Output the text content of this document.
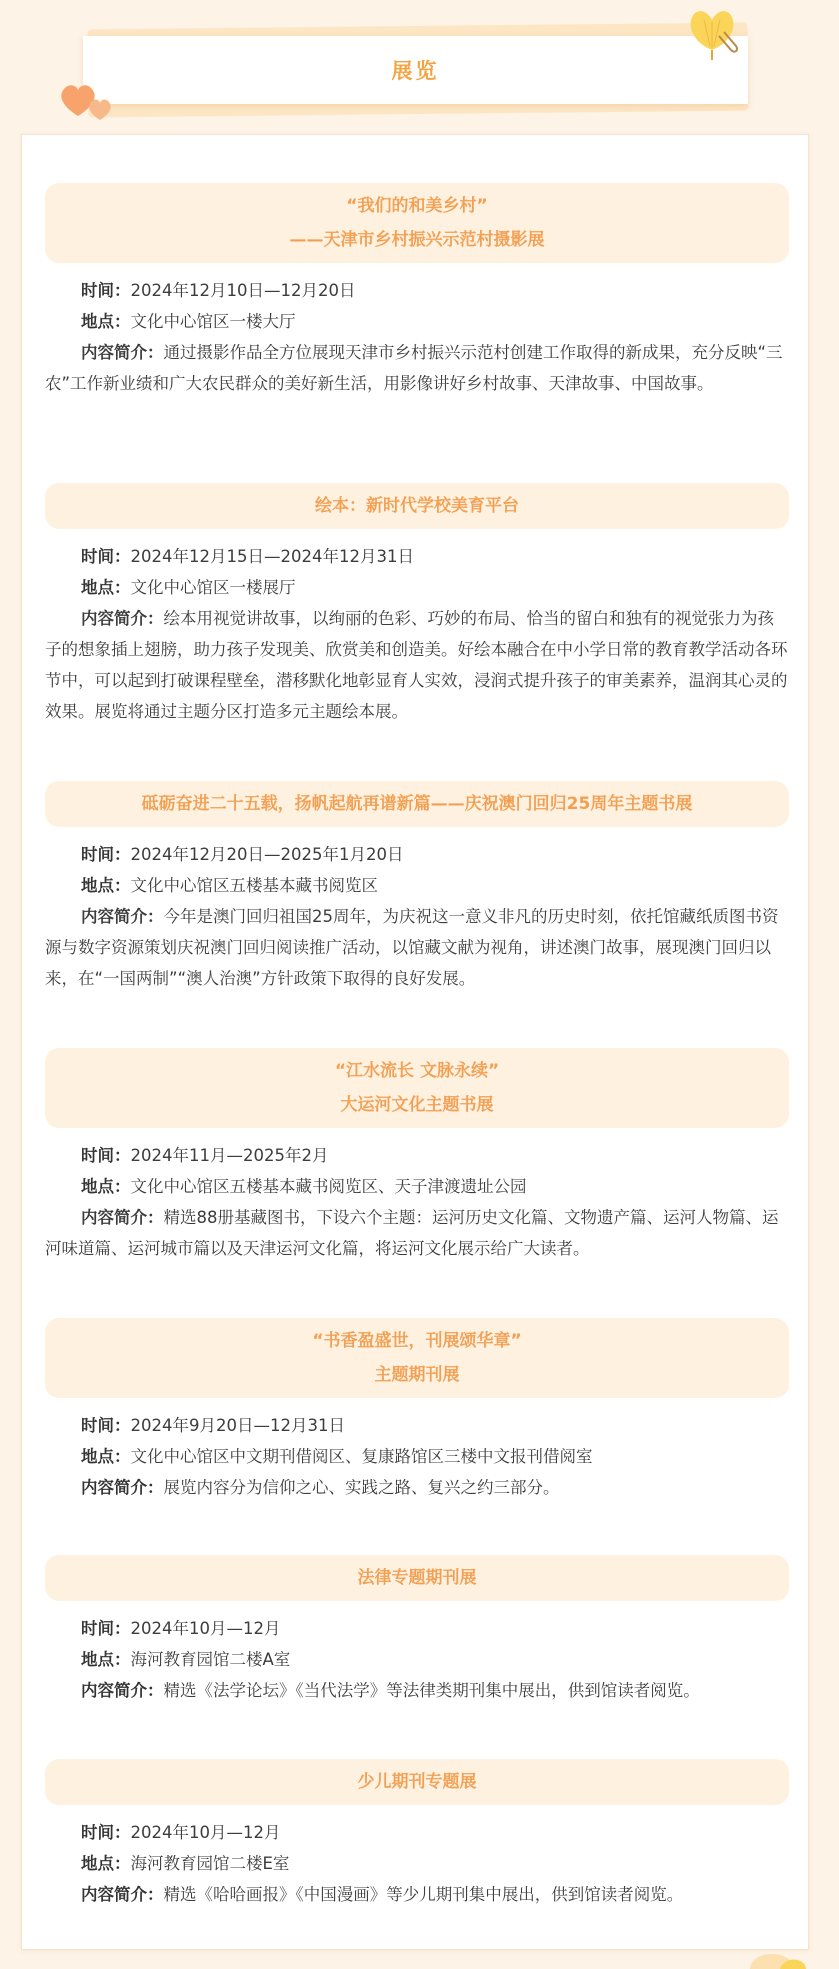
展览
“我们的和美乡村”
——天津市乡村振兴示范村摄影展
时间：2024年12月10日—12月20日
地点：文化中心馆区一楼大厅
内容简介：通过摄影作品全方位展现天津市乡村振兴示范村创建工作取得的新成果，充分反映“三农”工作新业绩和广大农民群众的美好新生活，用影像讲好乡村故事、天津故事、中国故事。
绘本：新时代学校美育平台
时间：2024年12月15日—2024年12月31日
地点：文化中心馆区一楼展厅
内容简介：绘本用视觉讲故事，以绚丽的色彩、巧妙的布局、恰当的留白和独有的视觉张力为孩子的想象插上翅膀，助力孩子发现美、欣赏美和创造美。好绘本融合在中小学日常的教育教学活动各环节中，可以起到打破课程壁垒，潜移默化地彰显育人实效，浸润式提升孩子的审美素养，温润其心灵的效果。展览将通过主题分区打造多元主题绘本展。
砥砺奋进二十五载，扬帆起航再谱新篇——庆祝澳门回归25周年主题书展
时间：2024年12月20日—2025年1月20日
地点：文化中心馆区五楼基本藏书阅览区
内容简介：今年是澳门回归祖国25周年，为庆祝这一意义非凡的历史时刻，依托馆藏纸质图书资源与数字资源策划庆祝澳门回归阅读推广活动，以馆藏文献为视角，讲述澳门故事，展现澳门回归以来，在“一国两制”“澳人治澳”方针政策下取得的良好发展。
“江水流长 文脉永续”
大运河文化主题书展
时间：2024年11月—2025年2月
地点：文化中心馆区五楼基本藏书阅览区、天子津渡遗址公园
内容简介：精选88册基藏图书，下设六个主题：运河历史文化篇、文物遗产篇、运河人物篇、运河味道篇、运河城市篇以及天津运河文化篇，将运河文化展示给广大读者。
“书香盈盛世，刊展颂华章”
主题期刊展
时间：2024年9月20日—12月31日
地点：文化中心馆区中文期刊借阅区、复康路馆区三楼中文报刊借阅室
内容简介：展览内容分为信仰之心、实践之路、复兴之约三部分。
法律专题期刊展
时间：2024年10月—12月
地点：海河教育园馆二楼A室
内容简介：精选《法学论坛》《当代法学》等法律类期刊集中展出，供到馆读者阅览。
少儿期刊专题展
时间：2024年10月—12月
地点：海河教育园馆二楼E室
内容简介：精选《哈哈画报》《中国漫画》等少儿期刊集中展出，供到馆读者阅览。
